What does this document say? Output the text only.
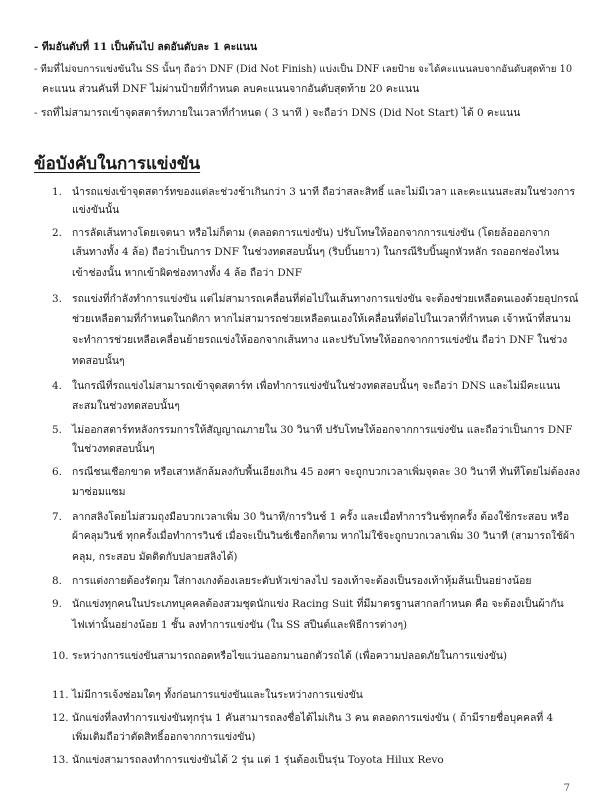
- ทีมอันดับที่ 11 เป็นต้นไป ลดอันดับละ 1 คะแนน
- ทีมที่ไม่จบการแข่งขันใน SS นั้นๆ ถือว่า DNF (Did Not Finish) แบ่งเป็น DNF เลยป้าย จะได้คะแนนลบจากอันดับสุดท้าย 10
คะแนน ส่วนคันที่ DNF ไม่ผ่านป้ายที่กำหนด ลบคะแนนจากอันดับสุดท้าย 20 คะแนน
- รถที่ไม่สามารถเข้าจุดสตาร์ทภายในเวลาที่กำหนด ( 3 นาที ) จะถือว่า DNS (Did Not Start) ได้ 0 คะแนน
ข้อบังคับในการแข่งขัน
1. นำรถแข่งเข้าจุดสตาร์ทของแต่ละช่วงช้าเกินกว่า 3 นาที ถือว่าสละสิทธิ์ และไม่มีเวลา และคะแนนสะสมในช่วงการ
แข่งขันนั้น
2. การลัดเส้นทางโดยเจตนา หรือไม่ก็ตาม (ตลอดการแข่งขัน) ปรับโทษให้ออกจากการแข่งขัน (โดยล้อออกจาก
เส้นทางทั้ง 4 ล้อ) ถือว่าเป็นการ DNF ในช่วงทดสอบนั้นๆ (ริบบิ้นยาว) ในกรณีริบบิ้นผูกหัวหลัก รถออกช่องไหน
เข้าช่องนั้น หากเข้าผิดช่องทางทั้ง 4 ล้อ ถือว่า DNF
3. รถแข่งที่กำลังทำการแข่งขัน แต่ไม่สามารถเคลื่อนที่ต่อไปในเส้นทางการแข่งขัน จะต้องช่วยเหลือตนเองด้วยอุปกรณ์
ช่วยเหลือตามที่กำหนดในกติกา หากไม่สามารถช่วยเหลือตนเองให้เคลื่อนที่ต่อไปในเวลาที่กำหนด เจ้าหน้าที่สนาม
จะทำการช่วยเหลือเคลื่อนย้ายรถแข่งให้ออกจากเส้นทาง และปรับโทษให้ออกจากการแข่งขัน ถือว่า DNF ในช่วง
ทดสอบนั้นๆ
4. ในกรณีที่รถแข่งไม่สามารถเข้าจุดสตาร์ท เพื่อทำการแข่งขันในช่วงทดสอบนั้นๆ จะถือว่า DNS และไม่มีคะแนน
สะสมในช่วงทดสอบนั้นๆ
5. ไม่ออกสตาร์ทหลังกรรมการให้สัญญาณภายใน 30 วินาที ปรับโทษให้ออกจากการแข่งขัน และถือว่าเป็นการ DNF
ในช่วงทดสอบนั้นๆ
6. กรณีชนเชือกขาด หรือเสาหลักล้มลงกับพื้นเอียงเกิน 45 องศา จะถูกบวกเวลาเพิ่มจุดละ 30 วินาที ทันทีโดยไม่ต้องลง
มาซ่อมแซม
7. ลากสลิงโดยไม่สวมถุงมือบวกเวลาเพิ่ม 30 วินาที/การวินช์ 1 ครั้ง และเมื่อทำการวินช์ทุกครั้ง ต้องใช้กระสอบ หรือ
ผ้าคลุมวินช์ ทุกครั้งเมื่อทำการวินช์ เมื่อจะเป็นวินช์เชือกก็ตาม หากไม่ใช้จะถูกบวกเวลาเพิ่ม 30 วินาที (สามารถใช้ผ้า
คลุม, กระสอบ มัดติดกับปลายสลิงได้)
8. การแต่งกายต้องรัดกุม ใส่กางเกงต้องเลยระดับหัวเข่าลงไป รองเท้าจะต้องเป็นรองเท้าหุ้มส้นเป็นอย่างน้อย
9. นักแข่งทุกคนในประเภทบุคคลต้องสวมชุดนักแข่ง Racing Suit ที่มีมาตรฐานสากลกำหนด คือ จะต้องเป็นผ้ากัน
ไฟเท่านั้นอย่างน้อย 1 ชั้น ลงทำการแข่งขัน (ใน SS สปีนต์และพิธีการต่างๆ)
10. ระหว่างการแข่งขันสามารถถอดหรือไขแว่นออกมานอกตัวรถได้ (เพื่อความปลอดภัยในการแข่งขัน)
11. ไม่มีการเจ้งซ่อมใดๆ ทั้งก่อนการแข่งขันและในระหว่างการแข่งขัน
12. นักแข่งที่ลงทำการแข่งขันทุกรุ่น 1 คันสามารถลงชื่อได้ไม่เกิน 3 คน ตลอดการแข่งขัน ( ถ้ามีรายชื่อบุคคลที่ 4
เพิ่มเติมถือว่าตัดสิทธิ์ออกจากการแข่งขัน)
13. นักแข่งสามารถลงทำการแข่งขันได้ 2 รุ่น แต่ 1 รุ่นต้องเป็นรุ่น Toyota Hilux Revo
7
